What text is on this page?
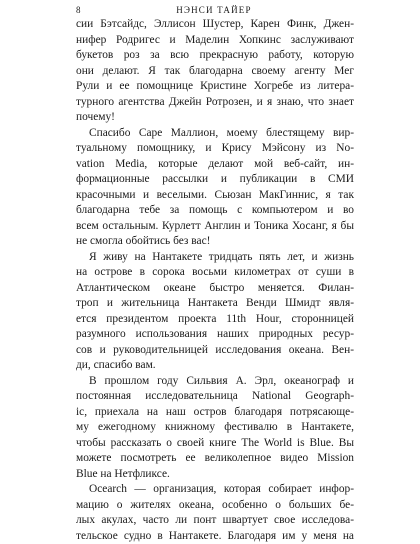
8	НЭНСИ ТАЙЕР
сии Бэтсайдс, Эллисон Шустер, Карен Финк, Джен-
нифер Родригес и Маделин Хопкинс заслуживают
букетов роз за всю прекрасную работу, которую
они делают. Я так благодарна своему агенту Мег
Рули и ее помощнице Кристине Хогребе из литера-
турного агентства Джейн Ротрозен, и я знаю, что знает
почему!
Спасибо Саре Маллион, моему блестящему вир-
туальному помощнику, и Крису Мэйсону из No-
vation Media, которые делают мой веб-сайт, ин-
формационные рассылки и публикации в СМИ
красочными и веселыми. Сьюзан МакГиннис, я так
благодарна тебе за помощь с компьютером и во
всем остальным. Курлетт Англин и Тоника Хосанг, я бы
не смогла обойтись без вас!
Я живу на Нантакете тридцать пять лет, и жизнь
на острове в сорока восьми километрах от суши в
Атлантическом океане быстро меняется. Филан-
троп и жительница Нантакета Венди Шмидт явля-
ется президентом проекта 11th Hour, сторонницей
разумного использования наших природных ресур-
сов и руководительницей исследования океана. Вен-
ди, спасибо вам.
В прошлом году Сильвия А. Эрл, океанограф и
постоянная исследовательница National Geograph-
ic, приехала на наш остров благодаря потрясающе-
му ежегодному книжному фестивалю в Нантакете,
чтобы рассказать о своей книге The World is Blue. Вы
можете посмотреть ее великолепное видео Mission
Blue на Нетфликсе.
Ocearch — организация, которая собирает инфор-
мацию о жителях океана, особенно о больших бе-
лых акулах, часто ли понт швартует свое исследова-
тельское судно в Нантакете. Благодаря им у меня на
